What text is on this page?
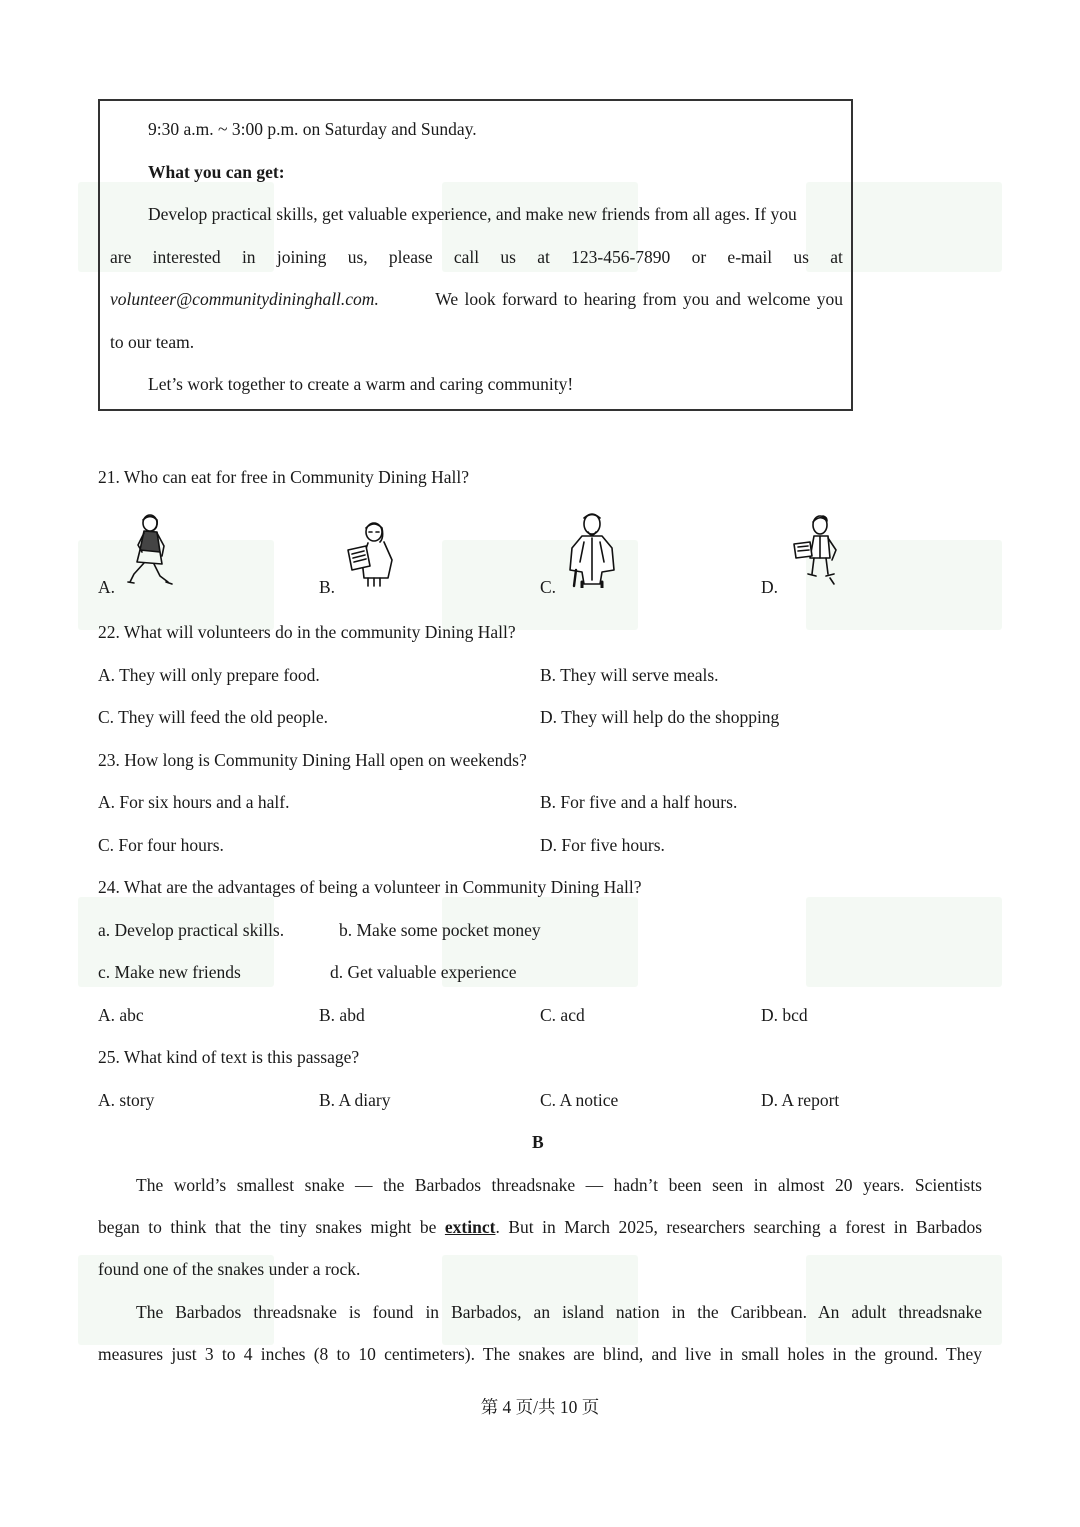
9:30 a.m. ~ 3:00 p.m. on Saturday and Sunday.
What you can get:
Develop practical skills, get valuable experience, and make new friends from all ages. If you
are interested in joining us, please call us at 123-456-7890 or e-mail us at
volunteer@communitydininghall.com.	We look forward to hearing from you and welcome you
to our team.
Let’s work together to create a warm and caring community!
21. Who can eat for free in Community Dining Hall?
A.	B.	C.	D.
22. What will volunteers do in the community Dining Hall?
A. They will only prepare food.	B. They will serve meals.
C. They will feed the old people.	D. They will help do the shopping
23. How long is Community Dining Hall open on weekends?
A. For six hours and a half.	B. For five and a half hours.
C. For four hours.	D. For five hours.
24. What are the advantages of being a volunteer in Community Dining Hall?
a. Develop practical skills.	b. Make some pocket money
c. Make new friends	d. Get valuable experience
A. abc	B. abd	C. acd	D. bcd
25. What kind of text is this passage?
A. story	B. A diary	C. A notice	D. A report
B
The world’s smallest snake — the Barbados threadsnake — hadn’t been seen in almost 20 years. Scientists
began to think that the tiny snakes might be extinct. But in March 2025, researchers searching a forest in Barbados
found one of the snakes under a rock.
The Barbados threadsnake is found in Barbados, an island nation in the Caribbean. An adult threadsnake
measures just 3 to 4 inches (8 to 10 centimeters). The snakes are blind, and live in small holes in the ground. They
第 4 页/共 10 页
